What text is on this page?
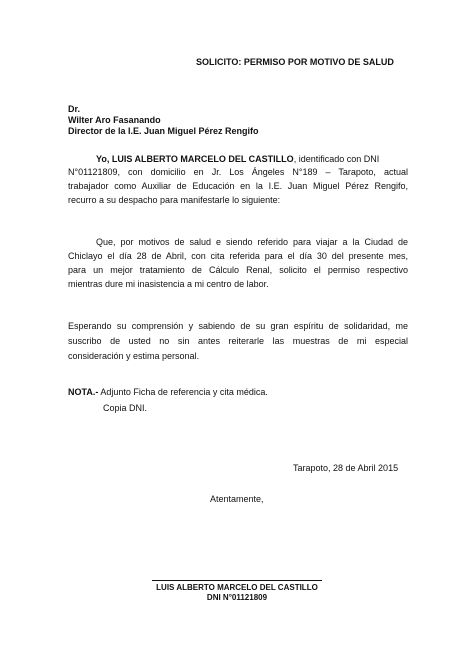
SOLICITO: PERMISO POR MOTIVO DE SALUD
Dr.
Wilter Aro Fasanando
Director de la I.E. Juan Miguel Pérez Rengifo
Yo, LUIS ALBERTO MARCELO DEL CASTILLO, identificado con DNI
N°01121809, con domicilio en Jr. Los Ángeles N°189 – Tarapoto, actual
trabajador como Auxiliar de Educación en la I.E. Juan Miguel Pérez Rengifo,
recurro a su despacho para manifestarle lo siguiente:
Que, por motivos de salud e siendo referido para viajar a la Ciudad de
Chiclayo el día 28 de Abril, con cita referida para el día 30 del presente mes,
para un mejor tratamiento de Cálculo Renal, solicito el permiso respectivo
mientras dure mi inasistencia a mi centro de labor.
Esperando su comprensión y sabiendo de su gran espíritu de solidaridad, me
suscribo de usted no sin antes reiterarle las muestras de mi especial
consideración y estima personal.
NOTA.- Adjunto Ficha de referencia y cita médica.
Copia DNI.
Tarapoto, 28 de Abril 2015
Atentamente,
LUIS ALBERTO MARCELO DEL CASTILLO
DNI N°01121809
